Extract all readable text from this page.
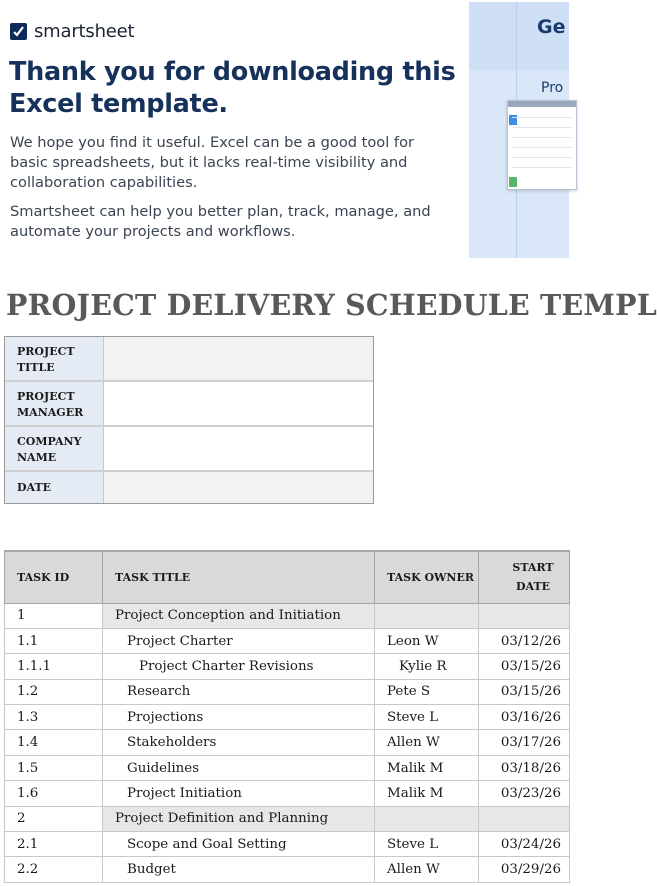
smartsheet
Thank you for downloading this Excel template.
We hope you find it useful. Excel can be a good tool for basic spreadsheets, but it lacks real-time visibility and collaboration capabilities.
Smartsheet can help you better plan, track, manage, and automate your projects and workflows.
Ge
Pro
PROJECT DELIVERY SCHEDULE TEMPL
PROJECT TITLE
PROJECT MANAGER
COMPANY NAME
DATE
TASK ID	TASK TITLE	TASK OWNER	START DATE
1	Project Conception and Initiation		
1.1	Project Charter	Leon W	03/12/26
1.1.1	Project Charter Revisions	Kylie R	03/15/26
1.2	Research	Pete S	03/15/26
1.3	Projections	Steve L	03/16/26
1.4	Stakeholders	Allen W	03/17/26
1.5	Guidelines	Malik M	03/18/26
1.6	Project Initiation	Malik M	03/23/26
2	Project Definition and Planning		
2.1	Scope and Goal Setting	Steve L	03/24/26
2.2	Budget	Allen W	03/29/26
